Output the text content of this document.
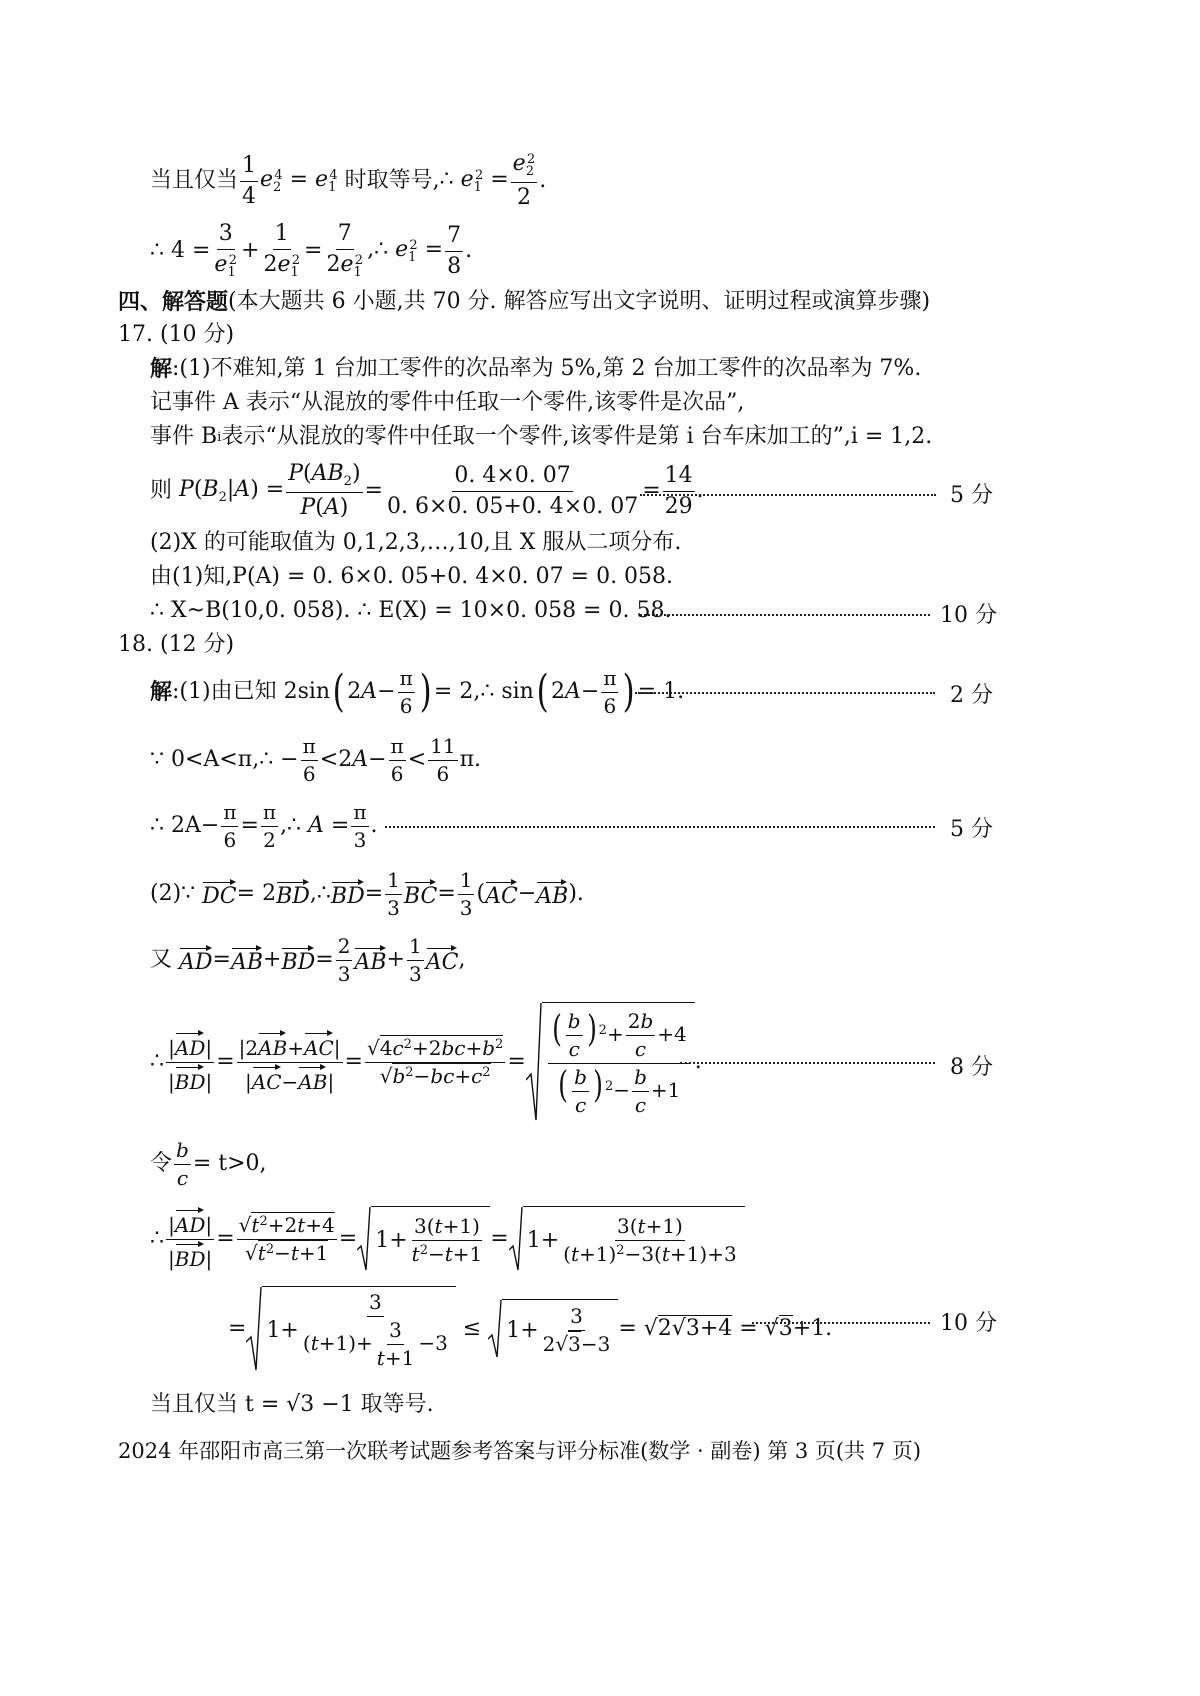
当且仅当 $\frac{1}{4} e_2^4 = e_1^4$ 时取等号, ∴ $e_1^2 = \frac{e_2^2}{2}$ .
∴ $4 = \frac{3}{e_1^2} + \frac{1}{2e_1^2} = \frac{7}{2e_1^2}$ ,∴ $e_1^2 = \frac{7}{8}$ .
四、解答题 (本大题共 6 小题,共 70 分. 解答应写出文字说明、证明过程或演算步骤)
17. (10 分)
解 :(1)不难知,第 1 台加工零件的次品率为 5%,第 2 台加工零件的次品率为 7%.
记事件 A 表示“从混放的零件中任取一个零件,该零件是次品”,
事件 B i 表示“从混放的零件中任取一个零件,该零件是第 i 台车床加工的”,i = 1,2.
则 $P(B_2|A) = \frac{P(AB_2)}{P(A)} = \frac{0. 4\times 0. 07}{0. 6\times 0. 05+0. 4\times 0. 07} = \frac{14}{29}$ .	5 分
(2)X 的可能取值为 0,1,2,3,…,10,且 X 服从二项分布.
由(1)知,P(A) = 0. 6×0. 05+0. 4×0. 07 = 0. 058.
∴ X~B(10,0. 058). ∴ E(X) = 10×0. 058 = 0. 58.	10 分
18. (12 分)
解 :(1)由已知 2sin ( $2A- \frac{\pi}{6}$ ) = 2,∴ sin ( $2A- \frac{\pi}{6}$ ) = 1.	2 分
∵ 0<A<π,∴ − $\frac{\pi}{6} <2A- \frac{\pi}{6} < \frac{11}{6} \pi$.
∴ $2A- \frac{\pi}{6} = \frac{\pi}{2}$ ,∴ $A = \frac{\pi}{3}$ .	5 分
(2)∵
DC = 2 BD ,∴ BD = $\frac{1}{3}$ BC = $\frac{1}{3}$ ( AC − AB ).
又
AD = AB + BD = $\frac{2}{3}$ AB + $\frac{1}{3}$ AC ,
∴ $\frac{|AD|}{|BD|} = \frac{|2AB+AC|}{|AC-AB|} = \frac{√4c^2+2bc+b^2}{√b^2-bc+c^2} = \frac{( \frac{b}{c} ) ^2+ \frac{2b}{c} +4}{( \frac{b}{c} ) ^2- \frac{b}{c} +1}$ .	8 分
令 $\frac{b}{c} = t>0$,
∴ $\frac{|AD|}{|BD|} = \frac{√t^2+2t+4}{√t^2-t+1} = 1+ \frac{3(t+1)}{t^2-t+1} = 1+ \frac{3(t+1)}{(t+1)^2-3(t+1)+3}$
= $1+ \frac{3}{(t+1)+ \frac{3}{t+1} -3} \le 1+ \frac{3}{2√3-3} = √2√3+4 = √3+1$.	10 分
当且仅当 t = √3 −1 取等号.
2024 年邵阳市高三第一次联考试题参考答案与评分标准(数学 · 副卷) 第 3 页(共 7 页)
